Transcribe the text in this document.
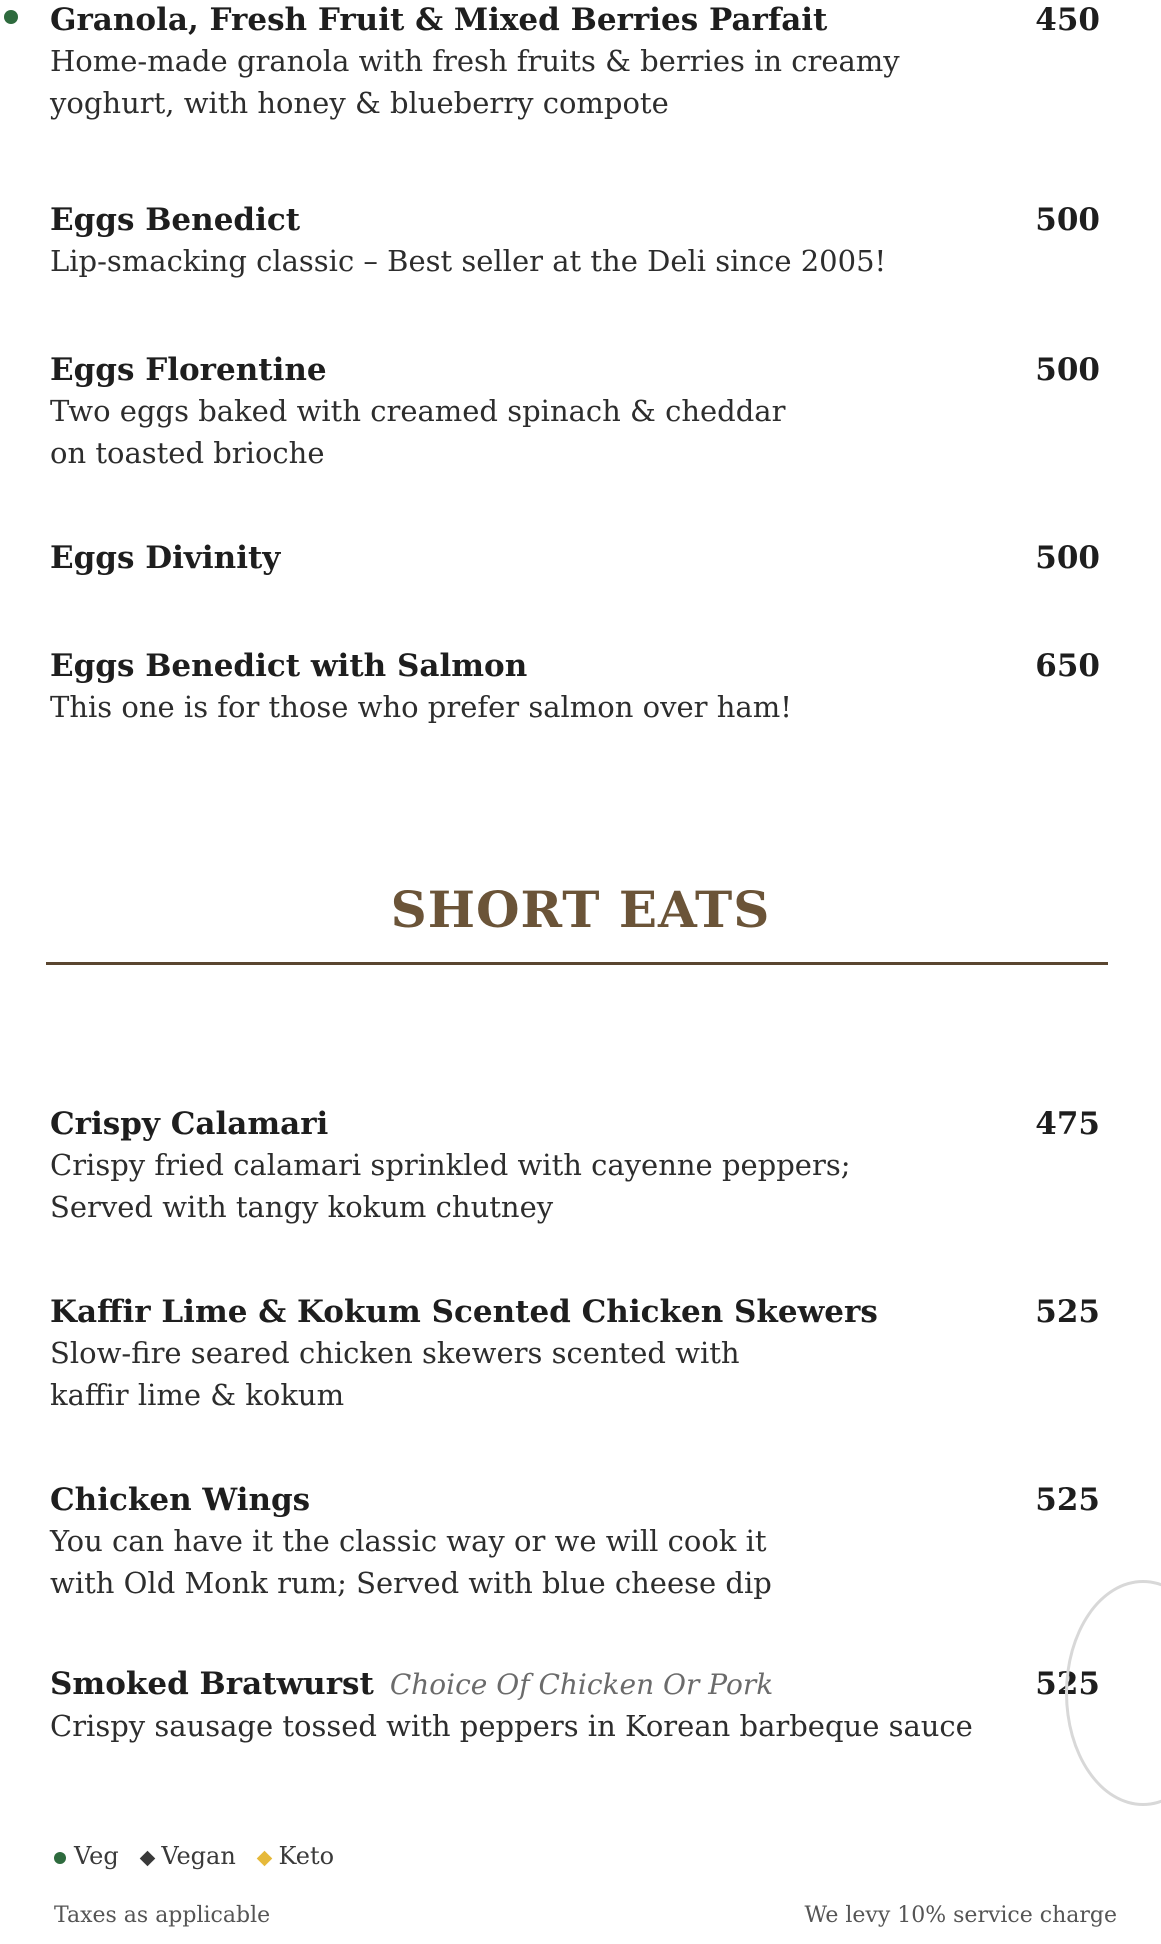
Granola, Fresh Fruit & Mixed Berries Parfait	450
Home-made granola with fresh fruits & berries in creamy
yoghurt, with honey & blueberry compote
Eggs Benedict	500
Lip-smacking classic – Best seller at the Deli since 2005!
Eggs Florentine	500
Two eggs baked with creamed spinach & cheddar
on toasted brioche
Eggs Divinity	500
Eggs Benedict with Salmon	650
This one is for those who prefer salmon over ham!
SHORT EATS
Crispy Calamari	475
Crispy fried calamari sprinkled with cayenne peppers;
Served with tangy kokum chutney
Kaffir Lime & Kokum Scented Chicken Skewers	525
Slow-fire seared chicken skewers scented with
kaffir lime & kokum
Chicken Wings	525
You can have it the classic way or we will cook it
with Old Monk rum; Served with blue cheese dip
Smoked Bratwurst Choice Of Chicken Or Pork	525
Crispy sausage tossed with peppers in Korean barbeque sauce
Veg Vegan Keto
Taxes as applicable	We levy 10% service charge
